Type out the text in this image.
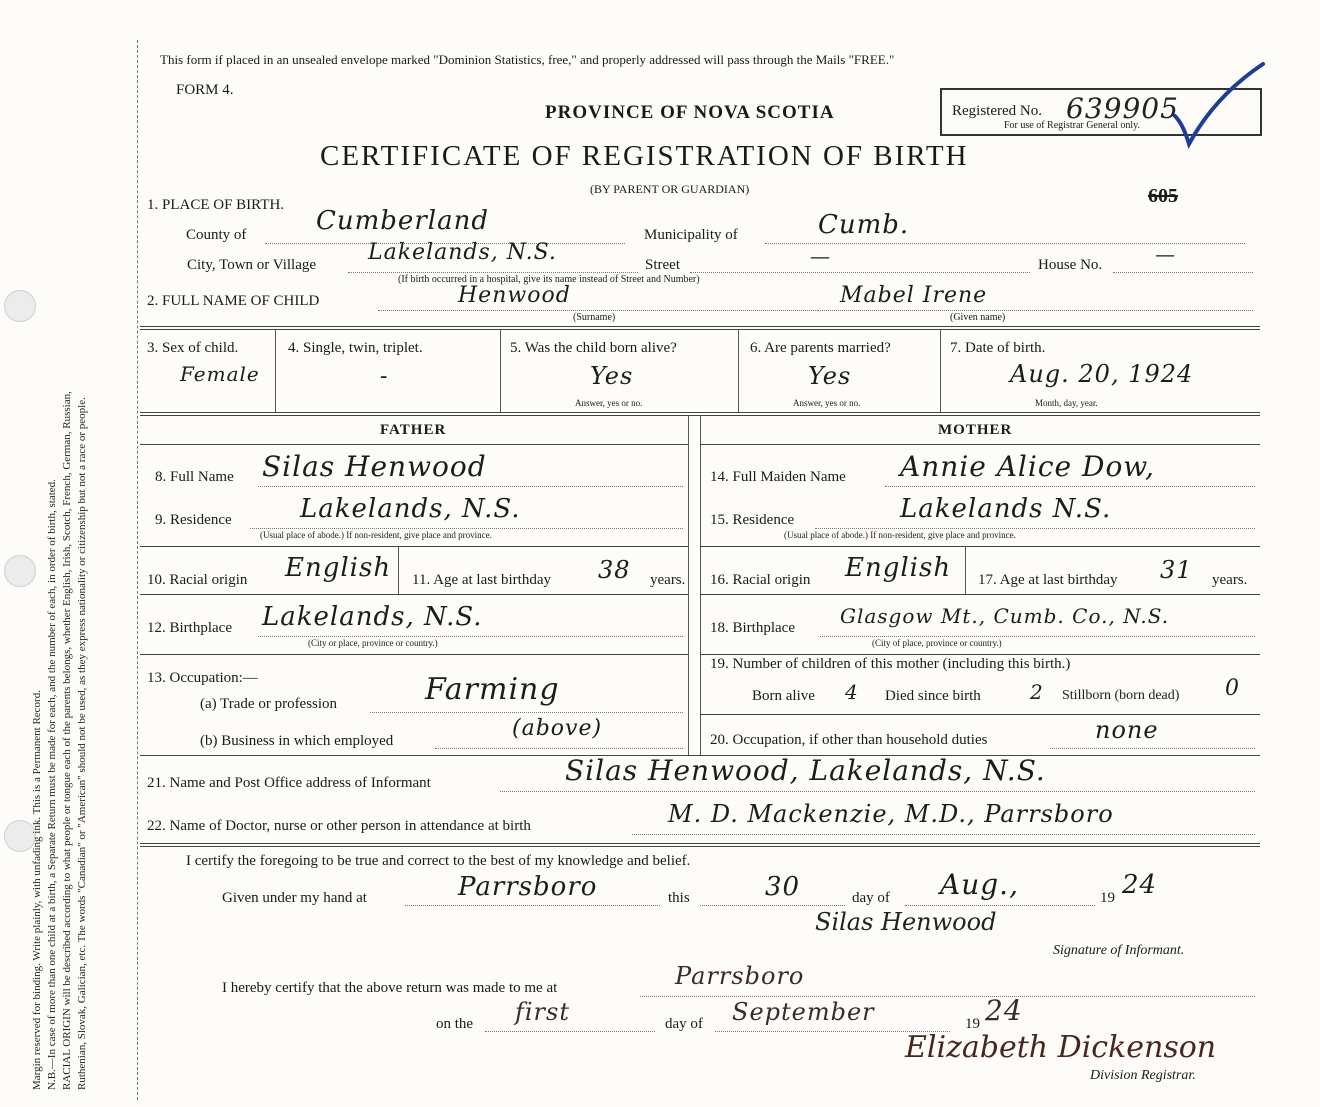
Margin reserved for binding. Write plainly, with unfading ink. This is a Permanent Record. N.B.—In case of more than one child at a birth, a Separate Return must be made for each, and the number of each, in order of birth, stated. RACIAL ORIGIN will be described according to what people or tongue each of the parents belongs, whether English, Irish, Scotch, French, German, Russian, Ruthenian, Slovak, Galician, etc. The words "Canadian" or "American" should not be used, as they express nationality or citizenship but not a race or people.
This form if placed in an unsealed envelope marked "Dominion Statistics, free," and properly addressed will pass through the Mails "FREE."
FORM 4.
PROVINCE OF NOVA SCOTIA
CERTIFICATE OF REGISTRATION OF BIRTH
(BY PARENT OR GUARDIAN)
Registered No. 639905
For use of Registrar General only.
605
1. PLACE OF BIRTH.
County of	Cumberland	Municipality of	Cumb.
City, Town or Village Lakelands, N.S.	Street	—	House No.	—
(If birth occurred in a hospital, give its name instead of Street and Number)
2. FULL NAME OF CHILD	Henwood
(Surname)
Mabel Irene
(Given name)
3. Sex of child.
Female
4. Single, twin, triplet.
-
5. Was the child born alive?
Yes
Answer, yes or no.
6. Are parents married?
Yes
Answer, yes or no.
7. Date of birth.
Aug. 20, 1924
Month, day, year.
FATHER	MOTHER
8. Full Name Silas Henwood
9. Residence	Lakelands, N.S.
(Usual place of abode.) If non-resident, give place and province.
10. Racial origin English 11. Age at last birthday 38 years.
12. Birthplace Lakelands, N.S.
(City or place, province or country.)
13. Occupation:—
(a) Trade or profession	Farming
(b) Business in which employed	(above)
14. Full Maiden Name Annie Alice Dow,
15. Residence	Lakelands N.S.
(Usual place of abode.) If non-resident, give place and province.
16. Racial origin English 17. Age at last birthday 31 years.
18. Birthplace Glasgow Mt., Cumb. Co., N.S.
(City of place, province or country.)
19. Number of children of this mother (including this birth.)
Born alive 4 Died since birth 2 Stillborn (born dead) 0
20. Occupation, if other than household duties	none
21. Name and Post Office address of Informant	Silas Henwood, Lakelands, N.S.
22. Name of Doctor, nurse or other person in attendance at birth	M. D. Mackenzie, M.D., Parrsboro
I certify the foregoing to be true and correct to the best of my knowledge and belief.
Given under my hand at	Parrsboro	this	30	day of Aug.,	19 24
Silas Henwood
Signature of Informant.
I hereby certify that the above return was made to me at	Parrsboro
on the first	day of September	19 24
Elizabeth Dickenson
Division Registrar.
